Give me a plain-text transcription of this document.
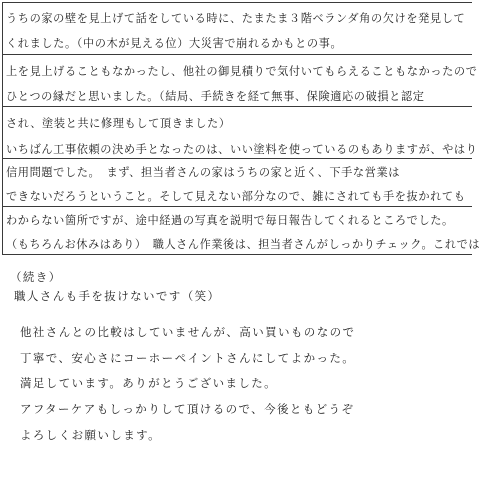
うちの家の壁を見上げて話をしている時に、たまたま３階ベランダ角の欠けを発見して
くれました。（中の木が見える位）大災害で崩れるかもとの事。
上を見上げることもなかったし、他社の御見積りで気付いてもらえることもなかったので
ひとつの縁だと思いました。（結局、手続きを経て無事、保険適応の破損と認定
され、塗装と共に修理もして頂きました）
いちばん工事依頼の決め手となったのは、いい塗料を使っているのもありますが、やはり
信用問題でした。　まず、担当者さんの家はうちの家と近く、下手な営業は
できないだろうということ。そして見えない部分なので、雑にされても手を抜かれても
わからない箇所ですが、途中経過の写真を説明で毎日報告してくれるところでした。
（もちろんお休みはあり）　職人さん作業後は、担当者さんがしっかりチェック。これでは
（続き）
職人さんも手を抜けないです（笑）
他社さんとの比較はしていませんが、高い買いものなので
丁寧で、安心さにコーホーペイントさんにしてよかった。
満足しています。ありがとうございました。
アフターケアもしっかりして頂けるので、今後ともどうぞ
よろしくお願いします。
